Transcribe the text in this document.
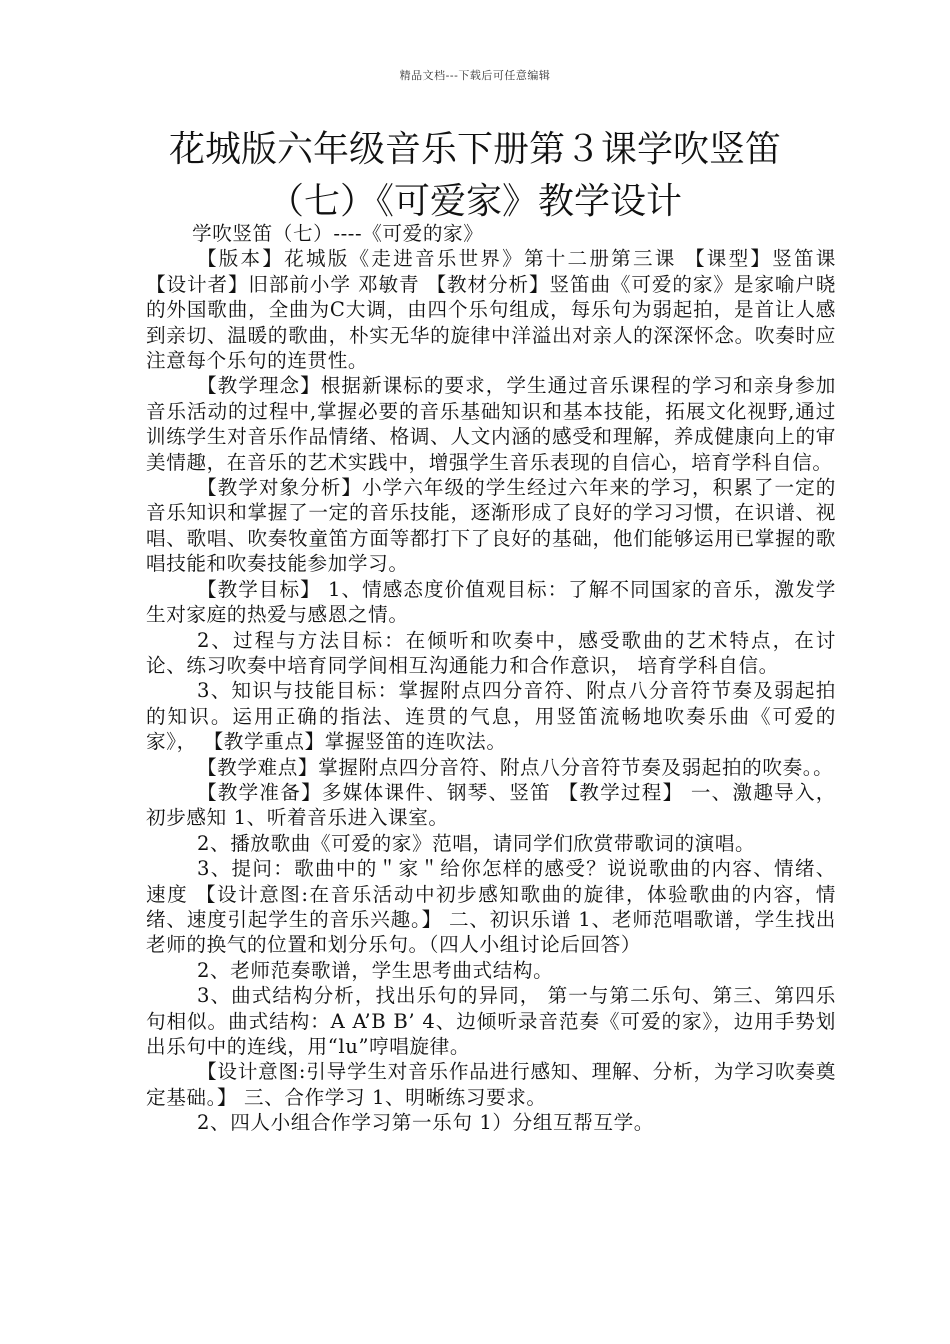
精品文档---下载后可任意编辑
花城版六年级音乐下册第３课学吹竖笛
（七）《可爱家》教学设计

学吹竖笛（七）----《可爱的家》

【版本】花城版《走进音乐世界》第十二册第三课 【课型】竖笛课 【设计者】旧部前小学 邓敏青 【教材分析】竖笛曲《可爱的家》是家喻户晓的外国歌曲，全曲为C大调，由四个乐句组成，每乐句为弱起拍，是首让人感到亲切、温暖的歌曲，朴实无华的旋律中洋溢出对亲人的深深怀念。吹奏时应注意每个乐句的连贯性。

【教学理念】根据新课标的要求，学生通过音乐课程的学习和亲身参加音乐活动的过程中,掌握必要的音乐基础知识和基本技能，拓展文化视野,通过训练学生对音乐作品情绪、格调、人文内涵的感受和理解，养成健康向上的审美情趣，在音乐的艺术实践中，增强学生音乐表现的自信心，培育学科自信。

【教学对象分析】小学六年级的学生经过六年来的学习，积累了一定的音乐知识和掌握了一定的音乐技能，逐渐形成了良好的学习习惯，在识谱、视唱、歌唱、吹奏牧童笛方面等都打下了良好的基础，他们能够运用已掌握的歌唱技能和吹奏技能参加学习。

【教学目标】 1、情感态度价值观目标：了解不同国家的音乐，激发学生对家庭的热爱与感恩之情。

2、过程与方法目标：在倾听和吹奏中，感受歌曲的艺术特点，在讨论、练习吹奏中培育同学间相互沟通能力和合作意识， 培育学科自信。

3、知识与技能目标：掌握附点四分音符、附点八分音符节奏及弱起拍的知识。运用正确的指法、连贯的气息，用竖笛流畅地吹奏乐曲《可爱的家》， 【教学重点】掌握竖笛的连吹法。

【教学难点】掌握附点四分音符、附点八分音符节奏及弱起拍的吹奏。。

【教学准备】多媒体课件、钢琴、竖笛 【教学过程】 一、激趣导入，初步感知 1、听着音乐进入课室。

2、播放歌曲《可爱的家》范唱，请同学们欣赏带歌词的演唱。

3、提问：歌曲中的＂家＂给你怎样的感受？说说歌曲的内容、情绪、速度 【设计意图:在音乐活动中初步感知歌曲的旋律，体验歌曲的内容，情绪、速度引起学生的音乐兴趣。】 二、初识乐谱 1、老师范唱歌谱，学生找出老师的换气的位置和划分乐句。（四人小组讨论后回答）

2、老师范奏歌谱，学生思考曲式结构。

3、曲式结构分析，找出乐句的异同， 第一与第二乐句、第三、第四乐句相似。曲式结构：A A’B B’ 4、边倾听录音范奏《可爱的家》，边用手势划出乐句中的连线，用“lu”哼唱旋律。

【设计意图:引导学生对音乐作品进行感知、理解、分析，为学习吹奏奠定基础。】 三、合作学习 1、明晰练习要求。

2、四人小组合作学习第一乐句 1）分组互帮互学。
